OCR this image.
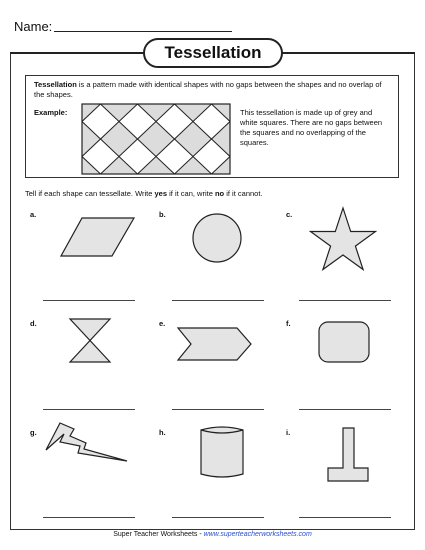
Name:
Tessellation
Tessellation is a pattern made with identical shapes with no gaps between the shapes and no overlap of the shapes.
Example:	This tessellation is made up of grey and white squares. There are no gaps between the squares and no overlapping of the squares.
Tell if each shape can tessellate. Write yes if it can, write no if it cannot.
a.	b.	c.
d.	e.	f.
g.	h.	i.
Super Teacher Worksheets - www.superteacherworksheets.com
